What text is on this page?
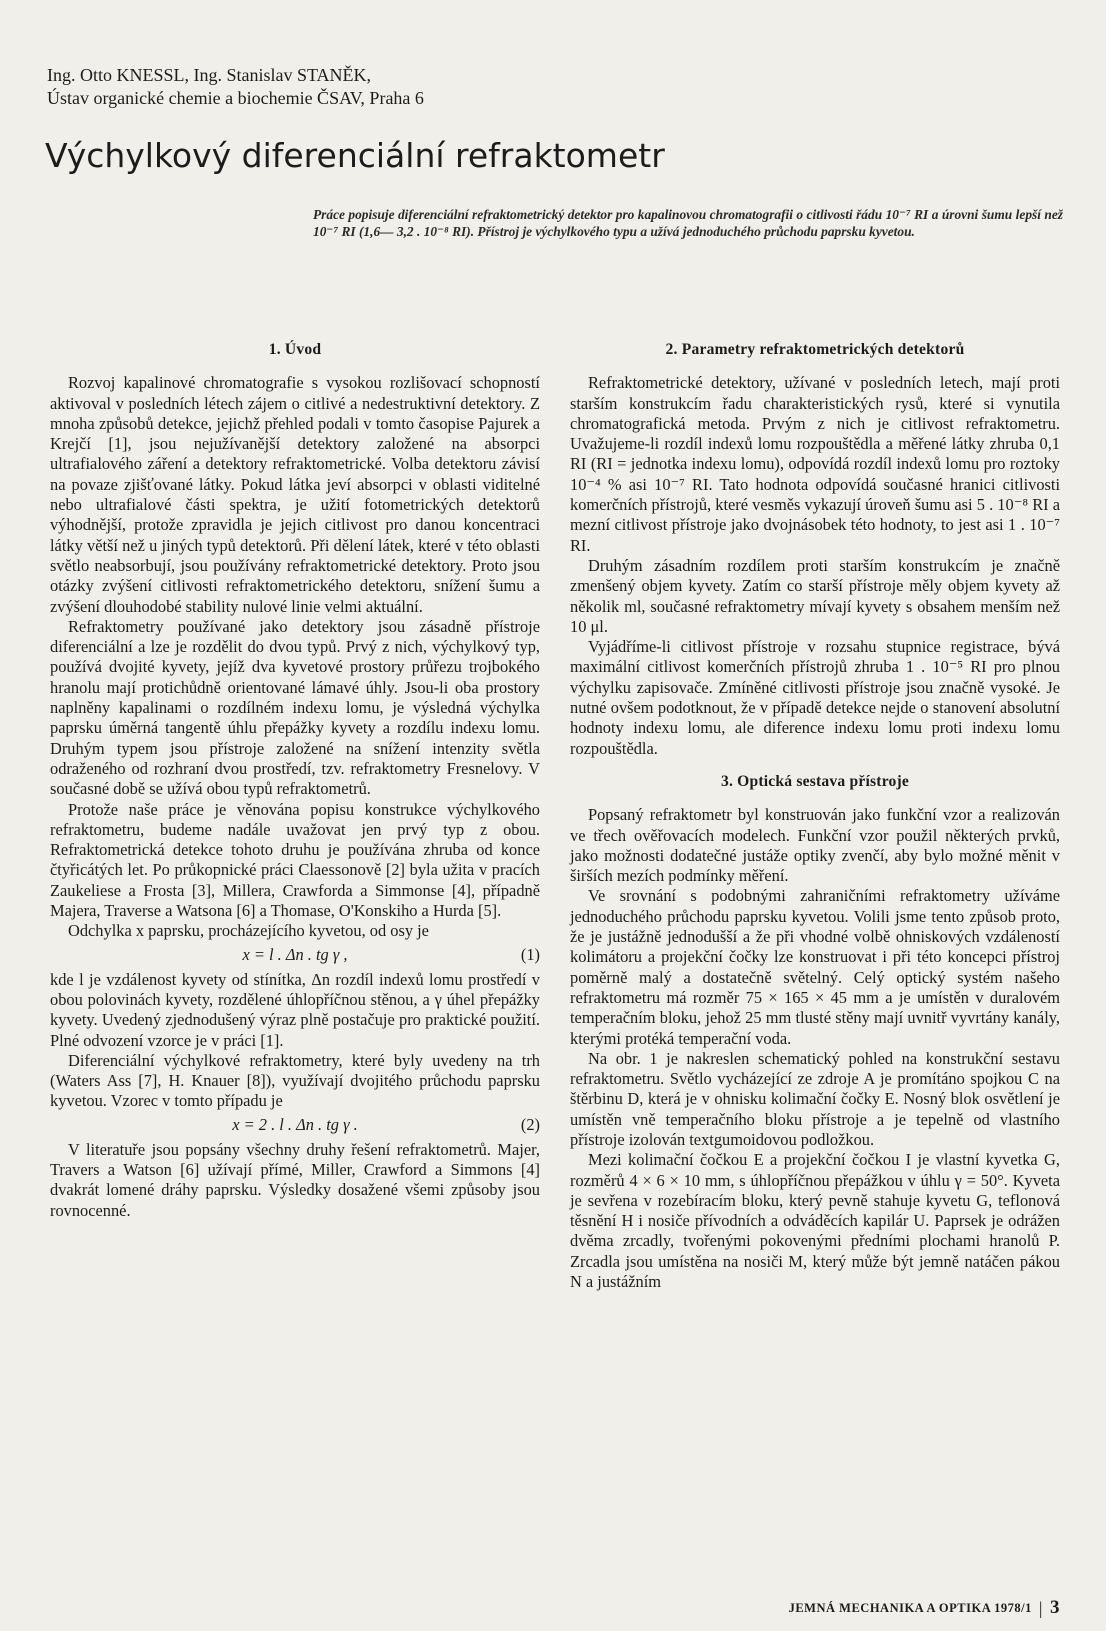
Ing. Otto KNESSL, Ing. Stanislav STANĚK,
Ústav organické chemie a biochemie ČSAV, Praha 6
Výchylkový diferenciální refraktometr
Práce popisuje diferenciální refraktometrický detektor pro kapalinovou chromatografii o citlivosti řádu 10⁻⁷ RI a úrovni šumu lepší než 10⁻⁷ RI (1,6— 3,2 . 10⁻⁸ RI). Přístroj je výchylkového typu a užívá jednoduchého průchodu paprsku kyvetou.
1. Úvod

Rozvoj kapalinové chromatografie s vysokou rozlišovací schopností aktivoval v posledních létech zájem o citlivé a nedestruktivní detektory. Z mnoha způsobů detekce, jejichž přehled podali v tomto časopise Pajurek a Krejčí [1], jsou nejužívanější detektory založené na absorpci ultrafialového záření a detektory refraktometrické. Volba detektoru závisí na povaze zjišťované látky. Pokud látka jeví absorpci v oblasti viditelné nebo ultrafialové části spektra, je užití fotometrických detektorů výhodnější, protože zpravidla je jejich citlivost pro danou koncentraci látky větší než u jiných typů detektorů. Při dělení látek, které v této oblasti světlo neabsorbují, jsou používány refraktometrické detektory. Proto jsou otázky zvýšení citlivosti refraktometrického detektoru, snížení šumu a zvýšení dlouhodobé stability nulové linie velmi aktuální.

Refraktometry používané jako detektory jsou zásadně přístroje diferenciální a lze je rozdělit do dvou typů. Prvý z nich, výchylkový typ, používá dvojité kyvety, jejíž dva kyvetové prostory průřezu trojbokého hranolu mají protichůdně orientované lámavé úhly. Jsou-li oba prostory naplněny kapalinami o rozdílném indexu lomu, je výsledná výchylka paprsku úměrná tangentě úhlu přepážky kyvety a rozdílu indexu lomu. Druhým typem jsou přístroje založené na snížení intenzity světla odraženého od rozhraní dvou prostředí, tzv. refraktometry Fresnelovy. V současné době se užívá obou typů refraktometrů.

Protože naše práce je věnována popisu konstrukce výchylkového refraktometru, budeme nadále uvažovat jen prvý typ z obou. Refraktometrická detekce tohoto druhu je používána zhruba od konce čtyřicátých let. Po průkopnické práci Claessonově [2] byla užita v pracích Zaukeliese a Frosta [3], Millera, Crawforda a Simmonse [4], případně Majera, Traverse a Watsona [6] a Thomase, O'Konskiho a Hurda [5].

Odchylka x paprsku, procházejícího kyvetou, od osy je

x = l . Δn . tg γ ,	(1)

kde l je vzdálenost kyvety od stínítka, Δn rozdíl indexů lomu prostředí v obou polovinách kyvety, rozdělené úhlopříčnou stěnou, a γ úhel přepážky kyvety. Uvedený zjednodušený výraz plně postačuje pro praktické použití. Plné odvození vzorce je v práci [1].

Diferenciální výchylkové refraktometry, které byly uvedeny na trh (Waters Ass [7], H. Knauer [8]), využívají dvojitého průchodu paprsku kyvetou. Vzorec v tomto případu je

x = 2 . l . Δn . tg γ .	(2)

V literatuře jsou popsány všechny druhy řešení refraktometrů. Majer, Travers a Watson [6] užívají přímé, Miller, Crawford a Simmons [4] dvakrát lomené dráhy paprsku. Výsledky dosažené všemi způsoby jsou rovnocenné.

2. Parametry refraktometrických detektorů

Refraktometrické detektory, užívané v posledních letech, mají proti starším konstrukcím řadu charakteristických rysů, které si vynutila chromatografická metoda. Prvým z nich je citlivost refraktometru. Uvažujeme-li rozdíl indexů lomu rozpouštědla a měřené látky zhruba 0,1 RI (RI = jednotka indexu lomu), odpovídá rozdíl indexů lomu pro roztoky 10⁻⁴ % asi 10⁻⁷ RI. Tato hodnota odpovídá současné hranici citlivosti komerčních přístrojů, které vesměs vykazují úroveň šumu asi 5 . 10⁻⁸ RI a mezní citlivost přístroje jako dvojnásobek této hodnoty, to jest asi 1 . 10⁻⁷ RI.

Druhým zásadním rozdílem proti starším konstrukcím je značně zmenšený objem kyvety. Zatím co starší přístroje měly objem kyvety až několik ml, současné refraktometry mívají kyvety s obsahem menším než 10 μl.

Vyjádříme-li citlivost přístroje v rozsahu stupnice registrace, bývá maximální citlivost komerčních přístrojů zhruba 1 . 10⁻⁵ RI pro plnou výchylku zapisovače. Zmíněné citlivosti přístroje jsou značně vysoké. Je nutné ovšem podotknout, že v případě detekce nejde o stanovení absolutní hodnoty indexu lomu, ale diference indexu lomu proti indexu lomu rozpouštědla.

3. Optická sestava přístroje

Popsaný refraktometr byl konstruován jako funkční vzor a realizován ve třech ověřovacích modelech. Funkční vzor použil některých prvků, jako možnosti dodatečné justáže optiky zvenčí, aby bylo možné měnit v širších mezích podmínky měření.

Ve srovnání s podobnými zahraničními refraktometry užíváme jednoduchého průchodu paprsku kyvetou. Volili jsme tento způsob proto, že je justážně jednodušší a že při vhodné volbě ohniskových vzdáleností kolimátoru a projekční čočky lze konstruovat i při této koncepci přístroj poměrně malý a dostatečně světelný. Celý optický systém našeho refraktometru má rozměr 75 × 165 × 45 mm a je umístěn v duralovém temperačním bloku, jehož 25 mm tlusté stěny mají uvnitř vyvrtány kanály, kterými protéká temperační voda.

Na obr. 1 je nakreslen schematický pohled na konstrukční sestavu refraktometru. Světlo vycházející ze zdroje A je promítáno spojkou C na štěrbinu D, která je v ohnisku kolimační čočky E. Nosný blok osvětlení je umístěn vně temperačního bloku přístroje a je tepelně od vlastního přístroje izolován textgumoidovou podložkou.

Mezi kolimační čočkou E a projekční čočkou I je vlastní kyvetka G, rozměrů 4 × 6 × 10 mm, s úhlopříčnou přepážkou v úhlu γ = 50°. Kyveta je sevřena v rozebíracím bloku, který pevně stahuje kyvetu G, teflonová těsnění H i nosiče přívodních a odváděcích kapilár U. Paprsek je odrážen dvěma zrcadly, tvořenými pokovenými předními plochami hranolů P. Zrcadla jsou umístěna na nosiči M, který může být jemně natáčen pákou N a justážním

JEMNÁ MECHANIKA A OPTIKA 1978/1 | 3
